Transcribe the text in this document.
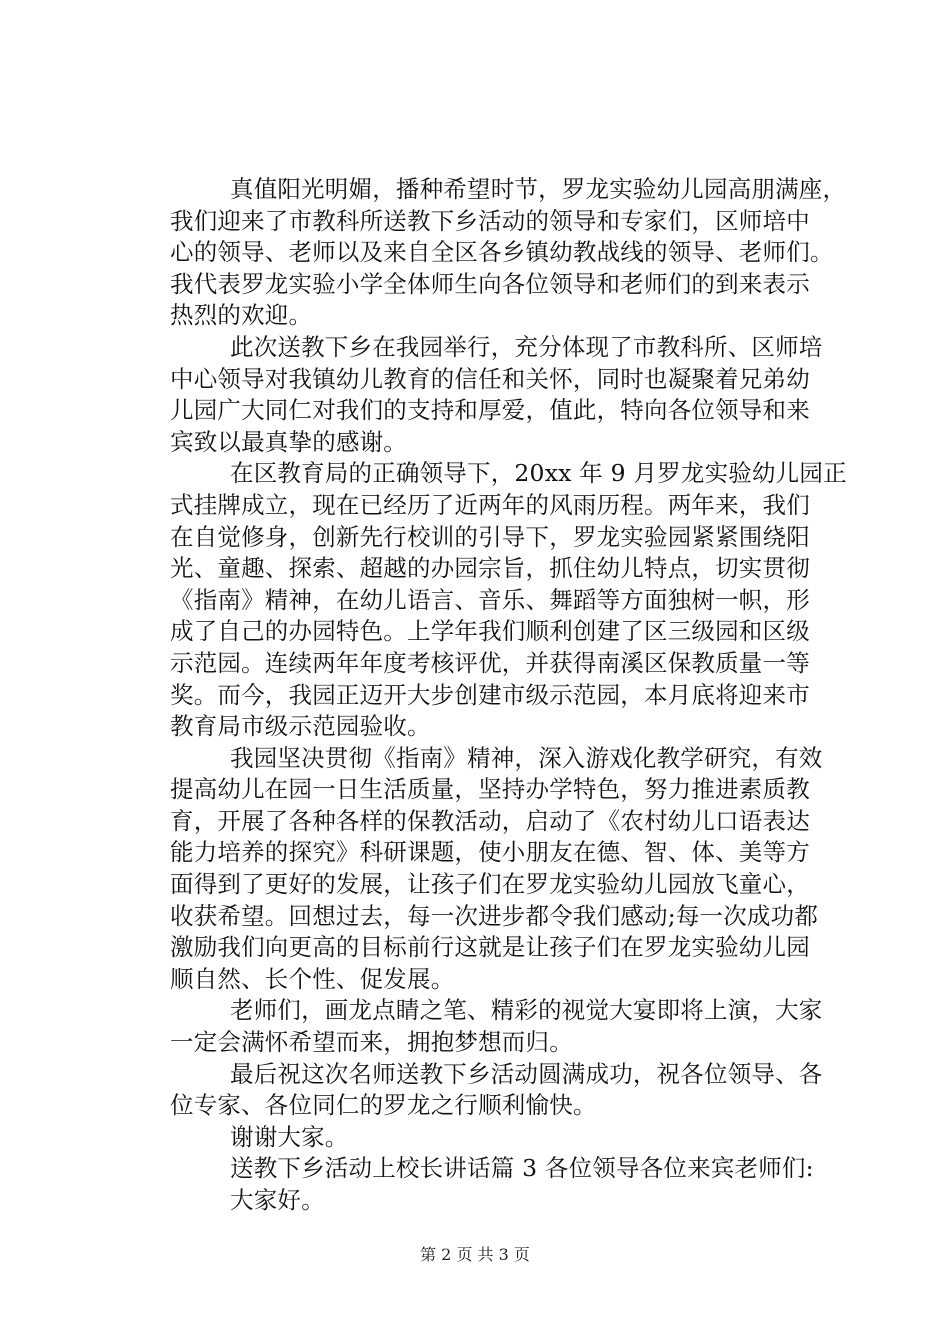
真值阳光明媚，播种希望时节，罗龙实验幼儿园高朋满座，
我们迎来了市教科所送教下乡活动的领导和专家们，区师培中
心的领导、老师以及来自全区各乡镇幼教战线的领导、老师们。
我代表罗龙实验小学全体师生向各位领导和老师们的到来表示
热烈的欢迎。
此次送教下乡在我园举行，充分体现了市教科所、区师培
中心领导对我镇幼儿教育的信任和关怀，同时也凝聚着兄弟幼
儿园广大同仁对我们的支持和厚爱，值此，特向各位领导和来
宾致以最真挚的感谢。
在区教育局的正确领导下，20xx 年 9 月罗龙实验幼儿园正
式挂牌成立，现在已经历了近两年的风雨历程。两年来，我们
在自觉修身，创新先行校训的引导下，罗龙实验园紧紧围绕阳
光、童趣、探索、超越的办园宗旨，抓住幼儿特点，切实贯彻
《指南》精神，在幼儿语言、音乐、舞蹈等方面独树一帜，形
成了自己的办园特色。上学年我们顺利创建了区三级园和区级
示范园。连续两年年度考核评优，并获得南溪区保教质量一等
奖。而今，我园正迈开大步创建市级示范园，本月底将迎来市
教育局市级示范园验收。
我园坚决贯彻《指南》精神，深入游戏化教学研究，有效
提高幼儿在园一日生活质量，坚持办学特色，努力推进素质教
育，开展了各种各样的保教活动，启动了《农村幼儿口语表达
能力培养的探究》科研课题，使小朋友在德、智、体、美等方
面得到了更好的发展，让孩子们在罗龙实验幼儿园放飞童心，
收获希望。回想过去，每一次进步都令我们感动;每一次成功都
激励我们向更高的目标前行这就是让孩子们在罗龙实验幼儿园
顺自然、长个性、促发展。
老师们，画龙点睛之笔、精彩的视觉大宴即将上演，大家
一定会满怀希望而来，拥抱梦想而归。
最后祝这次名师送教下乡活动圆满成功，祝各位领导、各
位专家、各位同仁的罗龙之行顺利愉快。
谢谢大家。
送教下乡活动上校长讲话篇 3 各位领导各位来宾老师们:
大家好。
第 2 页 共 3 页
